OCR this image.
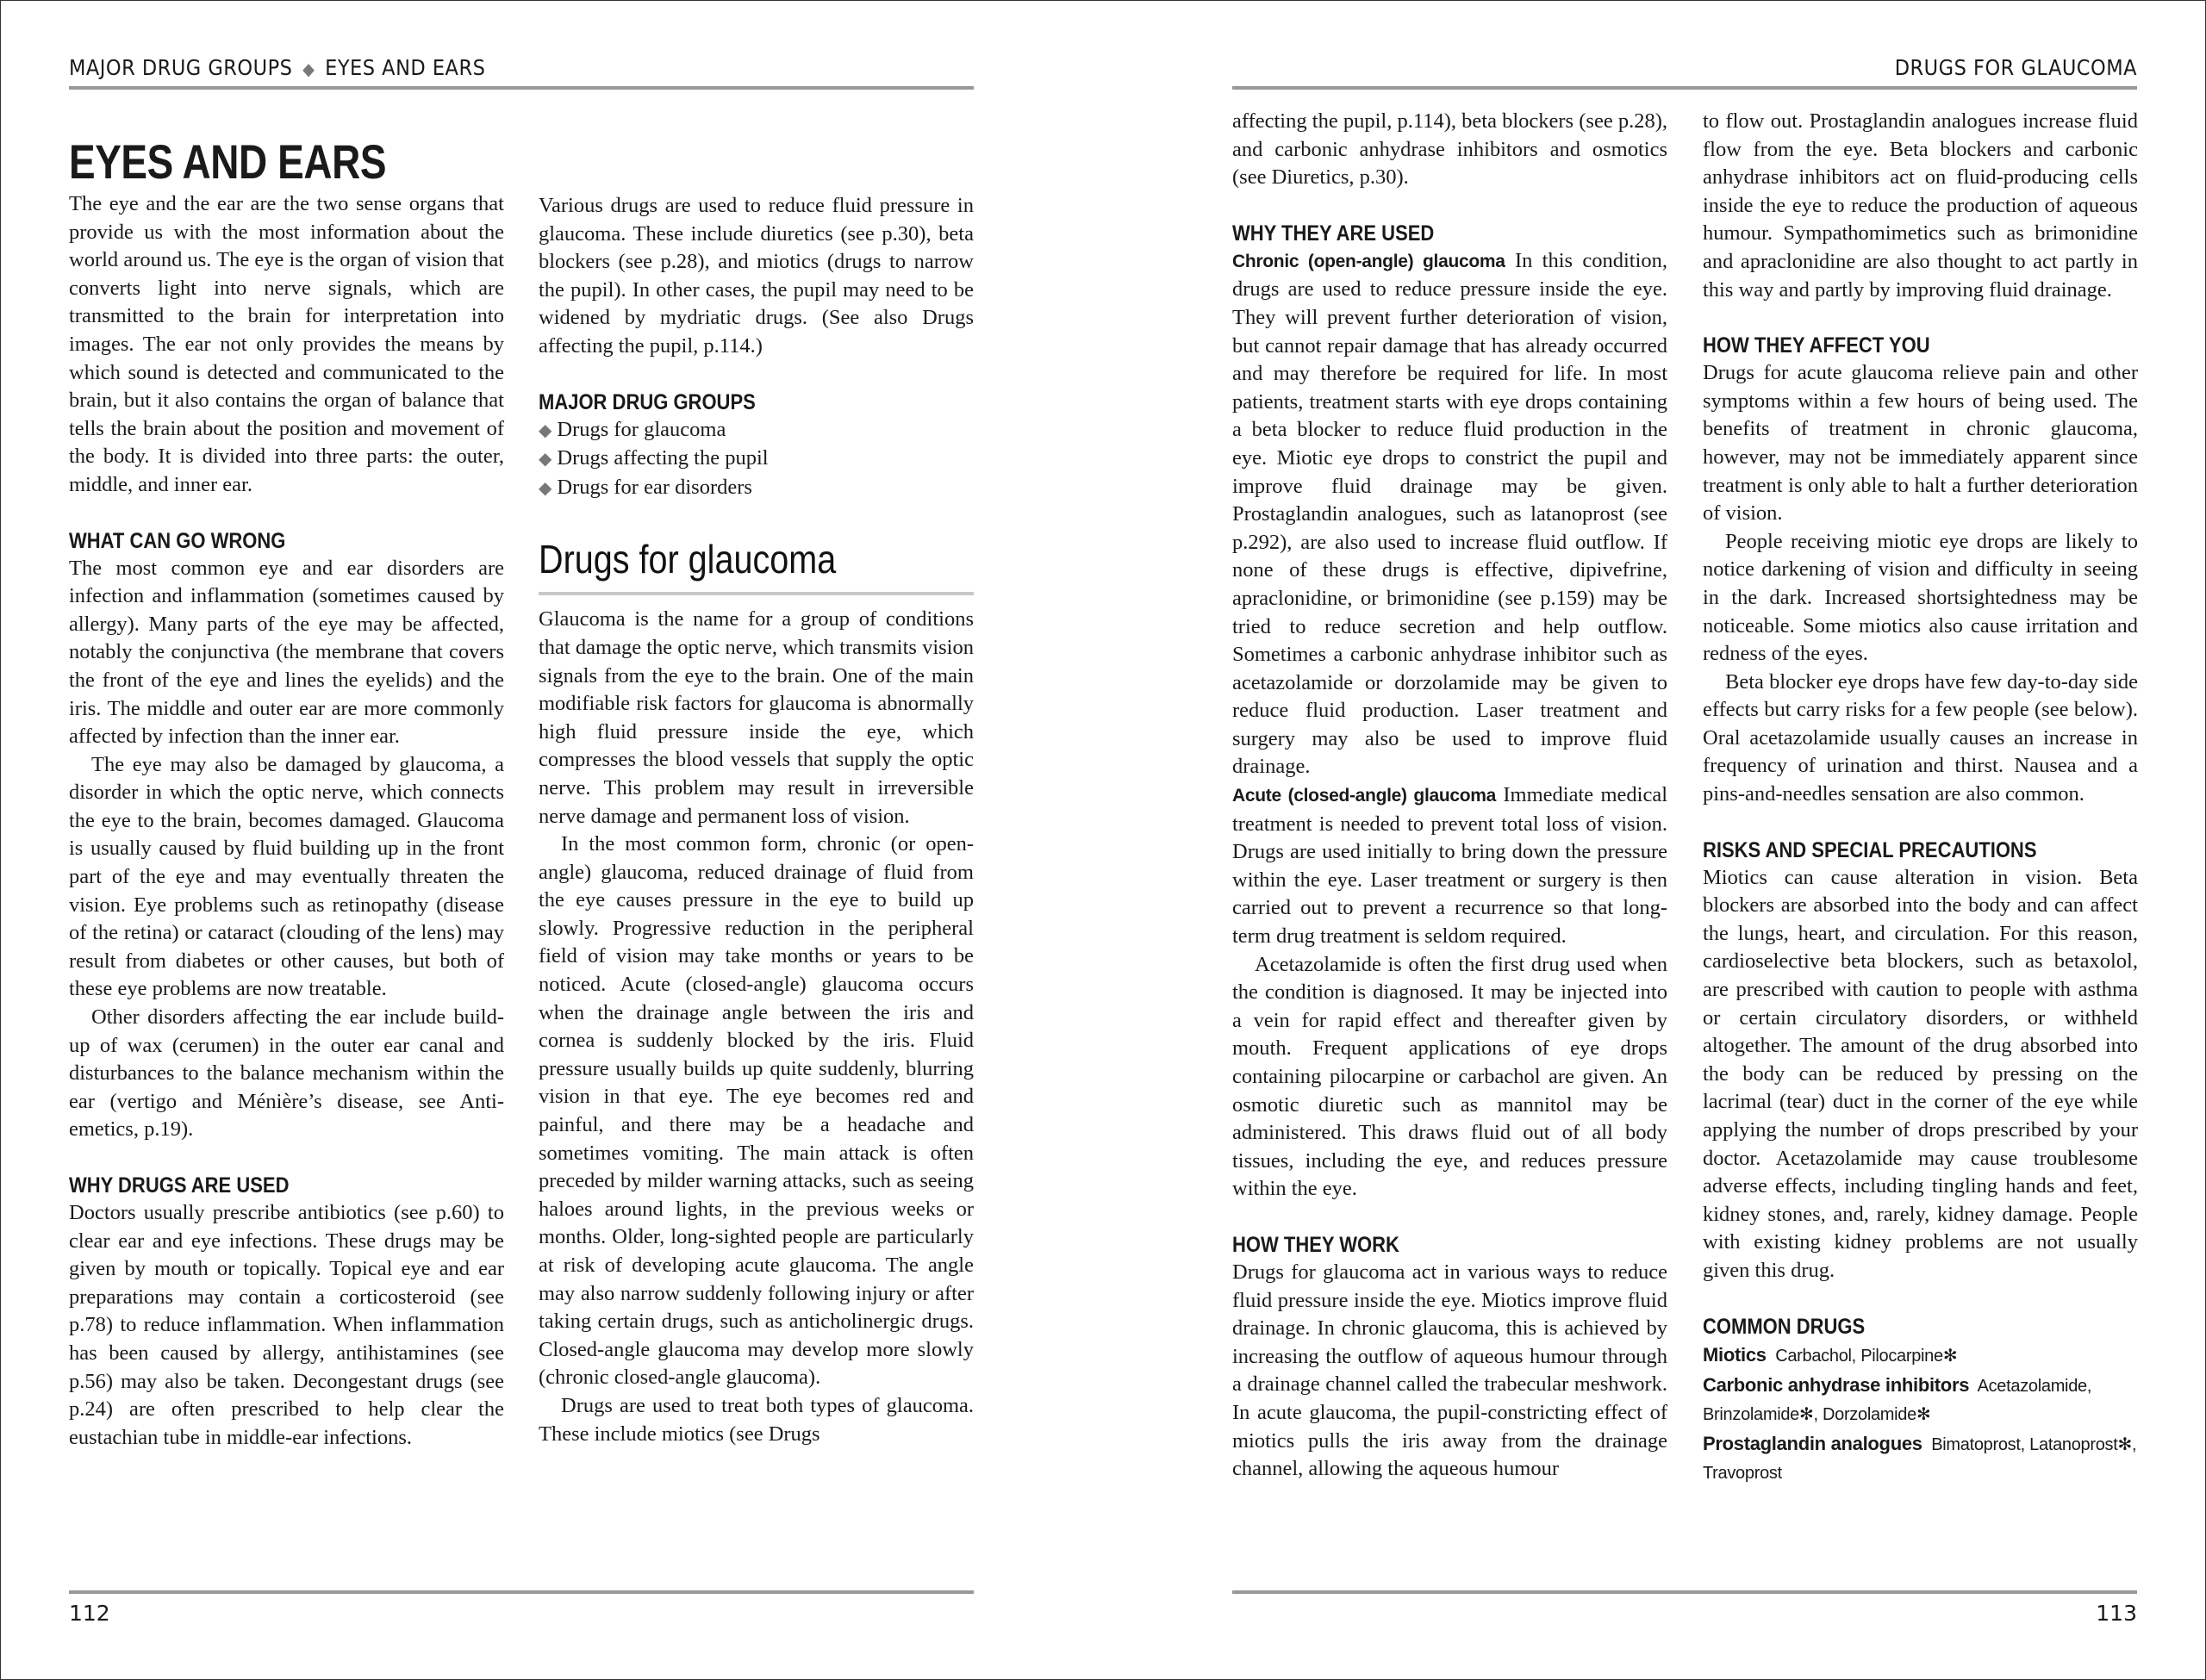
MAJOR DRUG GROUPS ◆ EYES AND EARS
EYES AND EARS

The eye and the ear are the two sense organs that provide us with the most information about the world around us. The eye is the organ of vision that converts light into nerve signals, which are transmitted to the brain for interpretation into images. The ear not only provides the means by which sound is detected and communicated to the brain, but it also contains the organ of balance that tells the brain about the position and movement of the body. It is divided into three parts: the outer, middle, and inner ear.

WHAT CAN GO WRONG

The most common eye and ear disorders are infection and inflammation (sometimes caused by allergy). Many parts of the eye may be affected, notably the conjunctiva (the membrane that covers the front of the eye and lines the eyelids) and the iris. The middle and outer ear are more commonly affected by infection than the inner ear.

The eye may also be damaged by glaucoma, a disorder in which the optic nerve, which connects the eye to the brain, becomes damaged. Glaucoma is usually caused by fluid building up in the front part of the eye and may eventually threaten the vision. Eye problems such as retinopathy (disease of the retina) or cataract (clouding of the lens) may result from diabetes or other causes, but both of these eye problems are now treatable.

Other disorders affecting the ear include build-up of wax (cerumen) in the outer ear canal and disturbances to the balance mechanism within the ear (vertigo and Ménière’s disease, see Anti-emetics, p.19).

WHY DRUGS ARE USED

Doctors usually prescribe antibiotics (see p.60) to clear ear and eye infections. These drugs may be given by mouth or topically. Topical eye and ear preparations may contain a corticosteroid (see p.78) to reduce inflammation. When inflammation has been caused by allergy, antihistamines (see p.56) may also be taken. Decongestant drugs (see p.24) are often prescribed to help clear the eustachian tube in middle-ear infections.

Various drugs are used to reduce fluid pressure in glaucoma. These include diuretics (see p.30), beta blockers (see p.28), and miotics (drugs to narrow the pupil). In other cases, the pupil may need to be widened by mydriatic drugs. (See also Drugs affecting the pupil, p.114.)

MAJOR DRUG GROUPS
◆ Drugs for glaucoma
◆ Drugs affecting the pupil
◆ Drugs for ear disorders
Drugs for glaucoma

Glaucoma is the name for a group of conditions that damage the optic nerve, which transmits vision signals from the eye to the brain. One of the main modifiable risk factors for glaucoma is abnormally high fluid pressure inside the eye, which compresses the blood vessels that supply the optic nerve. This problem may result in irreversible nerve damage and permanent loss of vision.

In the most common form, chronic (or open-angle) glaucoma, reduced drainage of fluid from the eye causes pressure in the eye to build up slowly. Progressive reduction in the peripheral field of vision may take months or years to be noticed. Acute (closed-angle) glaucoma occurs when the drainage angle between the iris and cornea is suddenly blocked by the iris. Fluid pressure usually builds up quite suddenly, blurring vision in that eye. The eye becomes red and painful, and there may be a headache and sometimes vomiting. The main attack is often preceded by milder warning attacks, such as seeing haloes around lights, in the previous weeks or months. Older, long-sighted people are particularly at risk of developing acute glaucoma. The angle may also narrow suddenly following injury or after taking certain drugs, such as anticholinergic drugs. Closed-angle glaucoma may develop more slowly (chronic closed-angle glaucoma).

Drugs are used to treat both types of glaucoma. These include miotics (see Drugs

112
DRUGS FOR GLAUCOMA

affecting the pupil, p.114), beta blockers (see p.28), and carbonic anhydrase inhibitors and osmotics (see Diuretics, p.30).

WHY THEY ARE USED

Chronic (open-angle) glaucoma In this condition, drugs are used to reduce pressure inside the eye. They will prevent further deterioration of vision, but cannot repair damage that has already occurred and may therefore be required for life. In most patients, treatment starts with eye drops containing a beta blocker to reduce fluid production in the eye. Miotic eye drops to constrict the pupil and improve fluid drainage may be given. Prostaglandin analogues, such as latanoprost (see p.292), are also used to increase fluid outflow. If none of these drugs is effective, dipivefrine, apraclonidine, or brimonidine (see p.159) may be tried to reduce secretion and help outflow. Sometimes a carbonic anhydrase inhibitor such as acetazolamide or dorzolamide may be given to reduce fluid production. Laser treatment and surgery may also be used to improve fluid drainage.

Acute (closed-angle) glaucoma Immediate medical treatment is needed to prevent total loss of vision. Drugs are used initially to bring down the pressure within the eye. Laser treatment or surgery is then carried out to prevent a recurrence so that long-term drug treatment is seldom required.

Acetazolamide is often the first drug used when the condition is diagnosed. It may be injected into a vein for rapid effect and thereafter given by mouth. Frequent applications of eye drops containing pilocarpine or carbachol are given. An osmotic diuretic such as mannitol may be administered. This draws fluid out of all body tissues, including the eye, and reduces pressure within the eye.

HOW THEY WORK

Drugs for glaucoma act in various ways to reduce fluid pressure inside the eye. Miotics improve fluid drainage. In chronic glaucoma, this is achieved by increasing the outflow of aqueous humour through a drainage channel called the trabecular meshwork. In acute glaucoma, the pupil-constricting effect of miotics pulls the iris away from the drainage channel, allowing the aqueous humour

to flow out. Prostaglandin analogues increase fluid flow from the eye. Beta blockers and carbonic anhydrase inhibitors act on fluid-producing cells inside the eye to reduce the production of aqueous humour. Sympathomimetics such as brimonidine and apraclonidine are also thought to act partly in this way and partly by improving fluid drainage.

HOW THEY AFFECT YOU

Drugs for acute glaucoma relieve pain and other symptoms within a few hours of being used. The benefits of treatment in chronic glaucoma, however, may not be immediately apparent since treatment is only able to halt a further deterioration of vision.

People receiving miotic eye drops are likely to notice darkening of vision and difficulty in seeing in the dark. Increased shortsightedness may be noticeable. Some miotics also cause irritation and redness of the eyes.

Beta blocker eye drops have few day-to-day side effects but carry risks for a few people (see below). Oral acetazolamide usually causes an increase in frequency of urination and thirst. Nausea and a pins-and-needles sensation are also common.

RISKS AND SPECIAL PRECAUTIONS

Miotics can cause alteration in vision. Beta blockers are absorbed into the body and can affect the lungs, heart, and circulation. For this reason, cardioselective beta blockers, such as betaxolol, are prescribed with caution to people with asthma or certain circulatory disorders, or withheld altogether. The amount of the drug absorbed into the body can be reduced by pressing on the lacrimal (tear) duct in the corner of the eye while applying the number of drops prescribed by your doctor. Acetazolamide may cause troublesome adverse effects, including tingling hands and feet, kidney stones, and, rarely, kidney damage. People with existing kidney problems are not usually given this drug.

COMMON DRUGS
Miotics Carbachol, Pilocarpine✻
Carbonic anhydrase inhibitors Acetazolamide, Brinzolamide✻, Dorzolamide✻
Prostaglandin analogues Bimatoprost, Latanoprost✻, Travoprost
113
